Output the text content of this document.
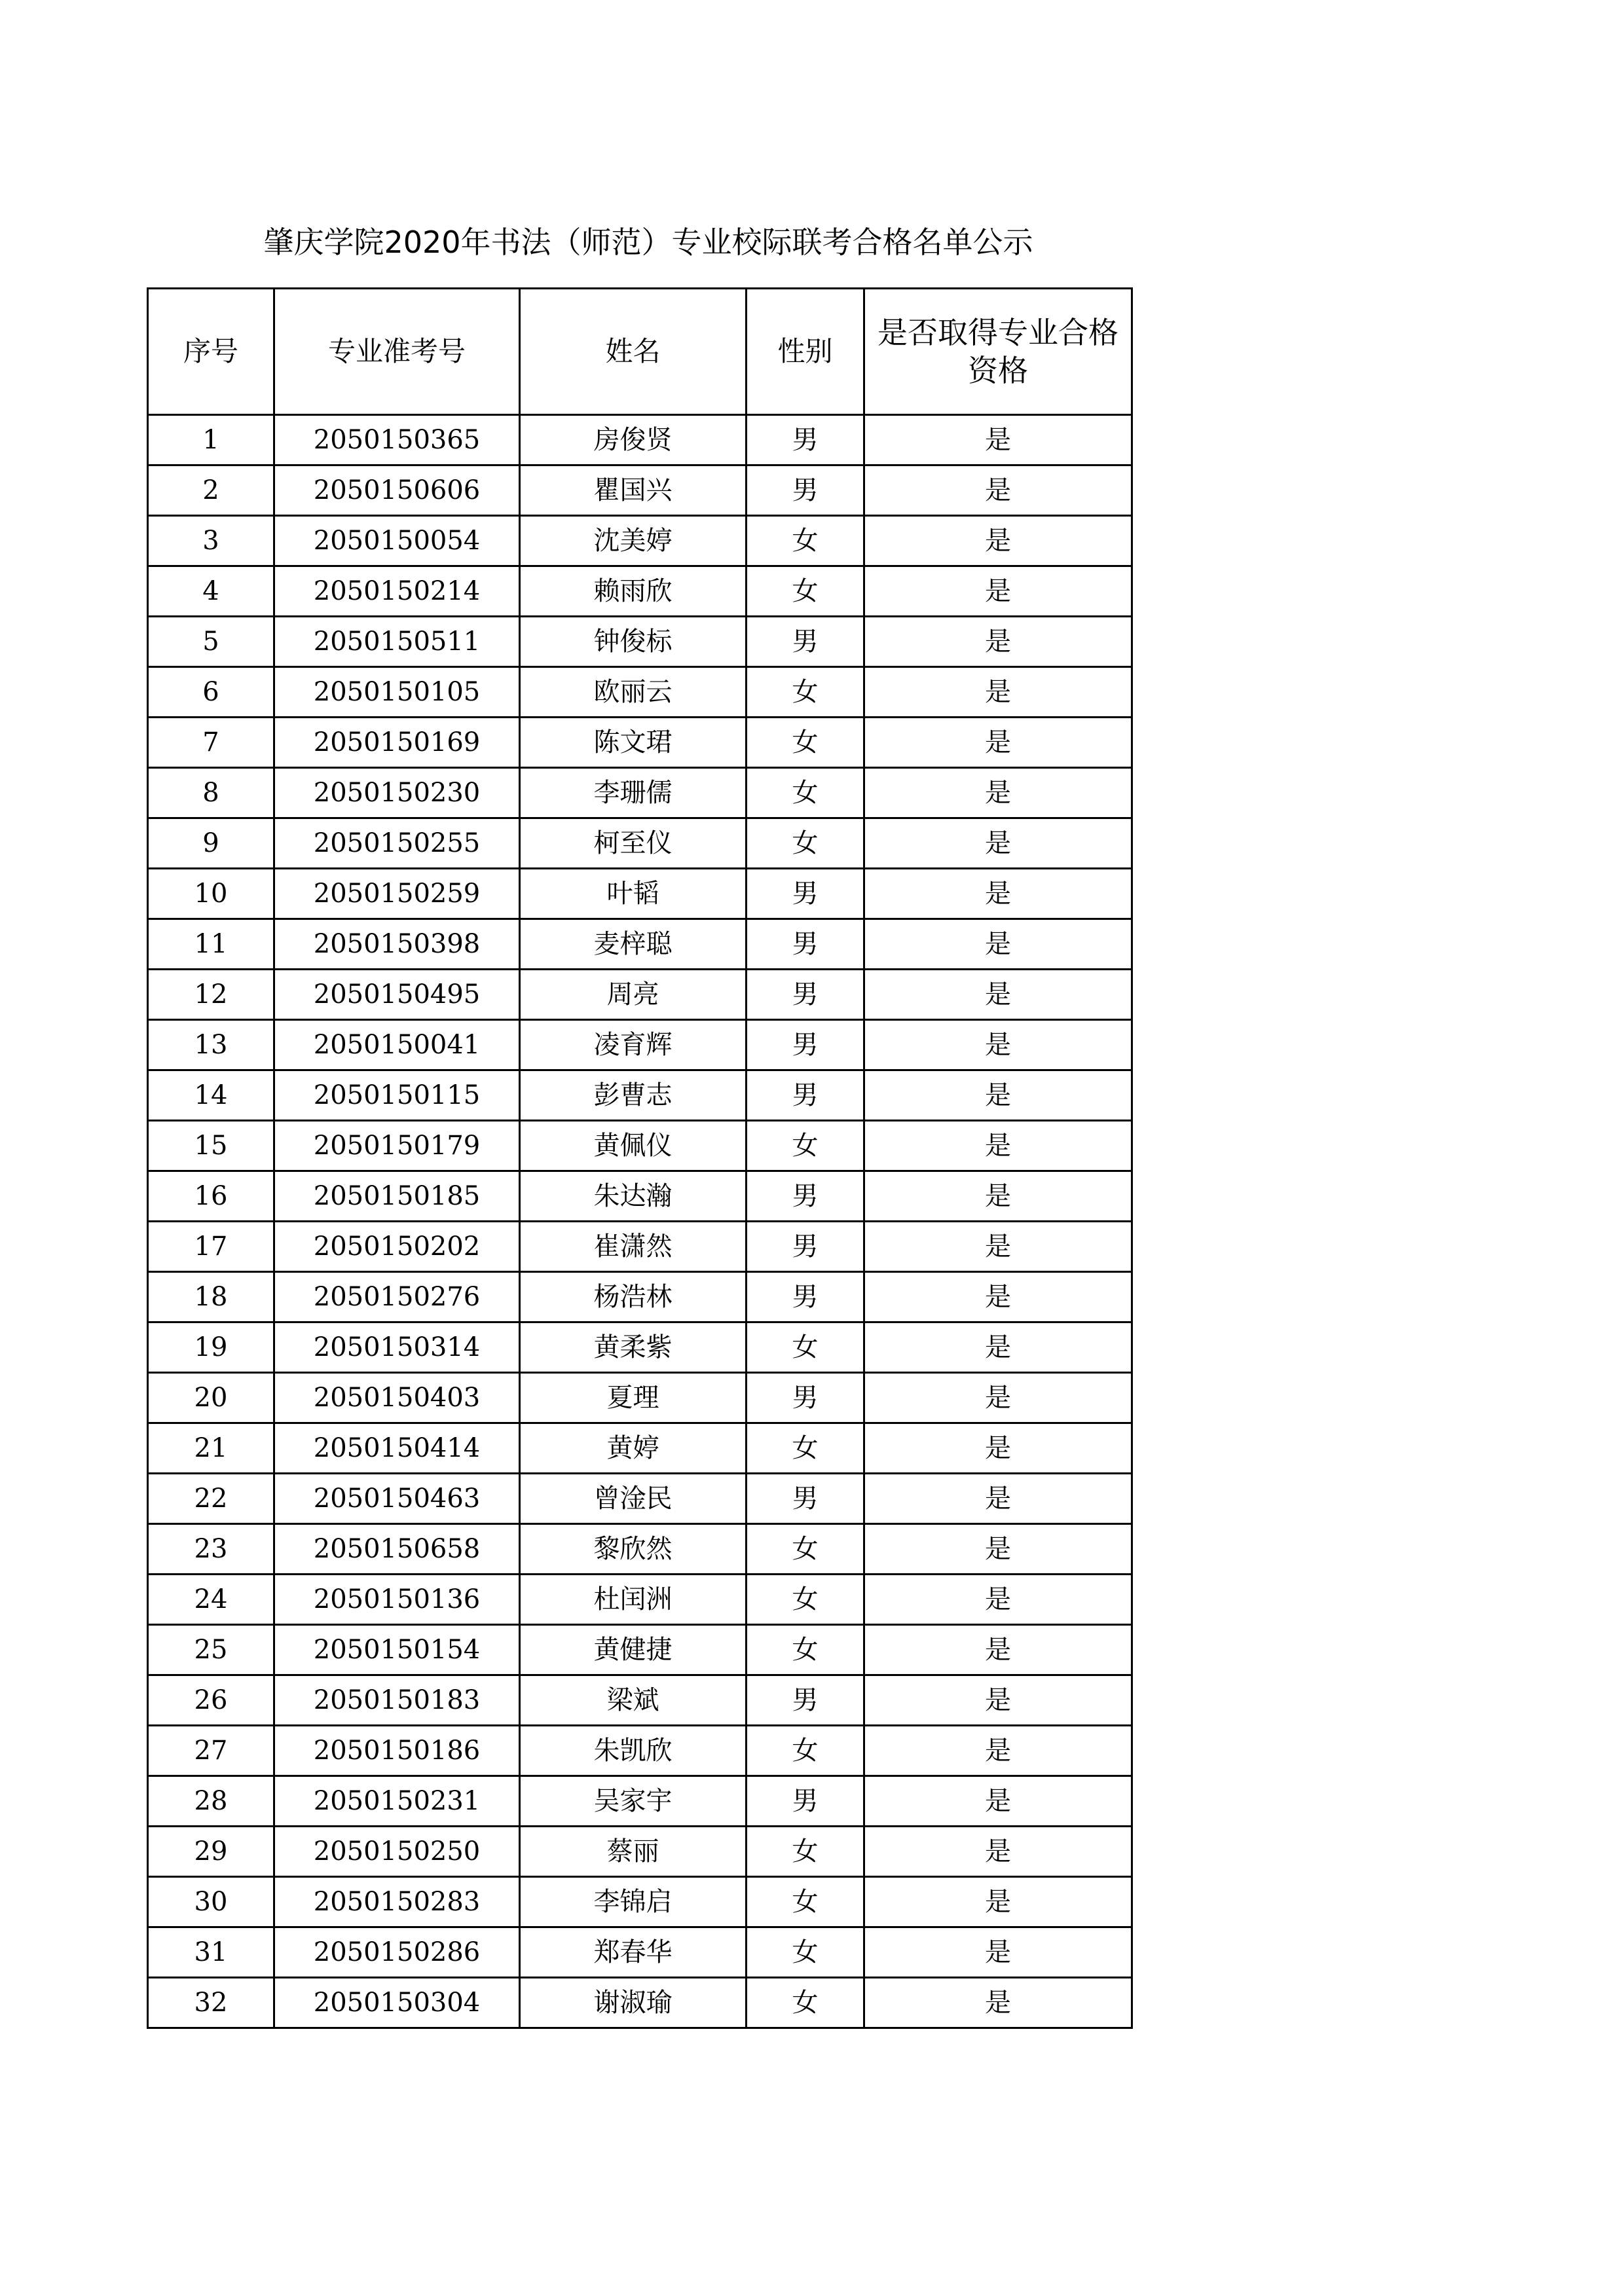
肇庆学院2020年书法（师范）专业校际联考合格名单公示
序号	专业准考号	姓名	性别	是否取得专业合格资格
1	2050150365	房俊贤	男	是
2	2050150606	瞿国兴	男	是
3	2050150054	沈美婷	女	是
4	2050150214	赖雨欣	女	是
5	2050150511	钟俊标	男	是
6	2050150105	欧丽云	女	是
7	2050150169	陈文珺	女	是
8	2050150230	李珊儒	女	是
9	2050150255	柯至仪	女	是
10	2050150259	叶韬	男	是
11	2050150398	麦梓聪	男	是
12	2050150495	周亮	男	是
13	2050150041	凌育辉	男	是
14	2050150115	彭曹志	男	是
15	2050150179	黄佩仪	女	是
16	2050150185	朱达瀚	男	是
17	2050150202	崔潇然	男	是
18	2050150276	杨浩林	男	是
19	2050150314	黄柔紫	女	是
20	2050150403	夏理	男	是
21	2050150414	黄婷	女	是
22	2050150463	曾淦民	男	是
23	2050150658	黎欣然	女	是
24	2050150136	杜闰洲	女	是
25	2050150154	黄健捷	女	是
26	2050150183	梁斌	男	是
27	2050150186	朱凯欣	女	是
28	2050150231	吴家宇	男	是
29	2050150250	蔡丽	女	是
30	2050150283	李锦启	女	是
31	2050150286	郑春华	女	是
32	2050150304	谢淑瑜	女	是
